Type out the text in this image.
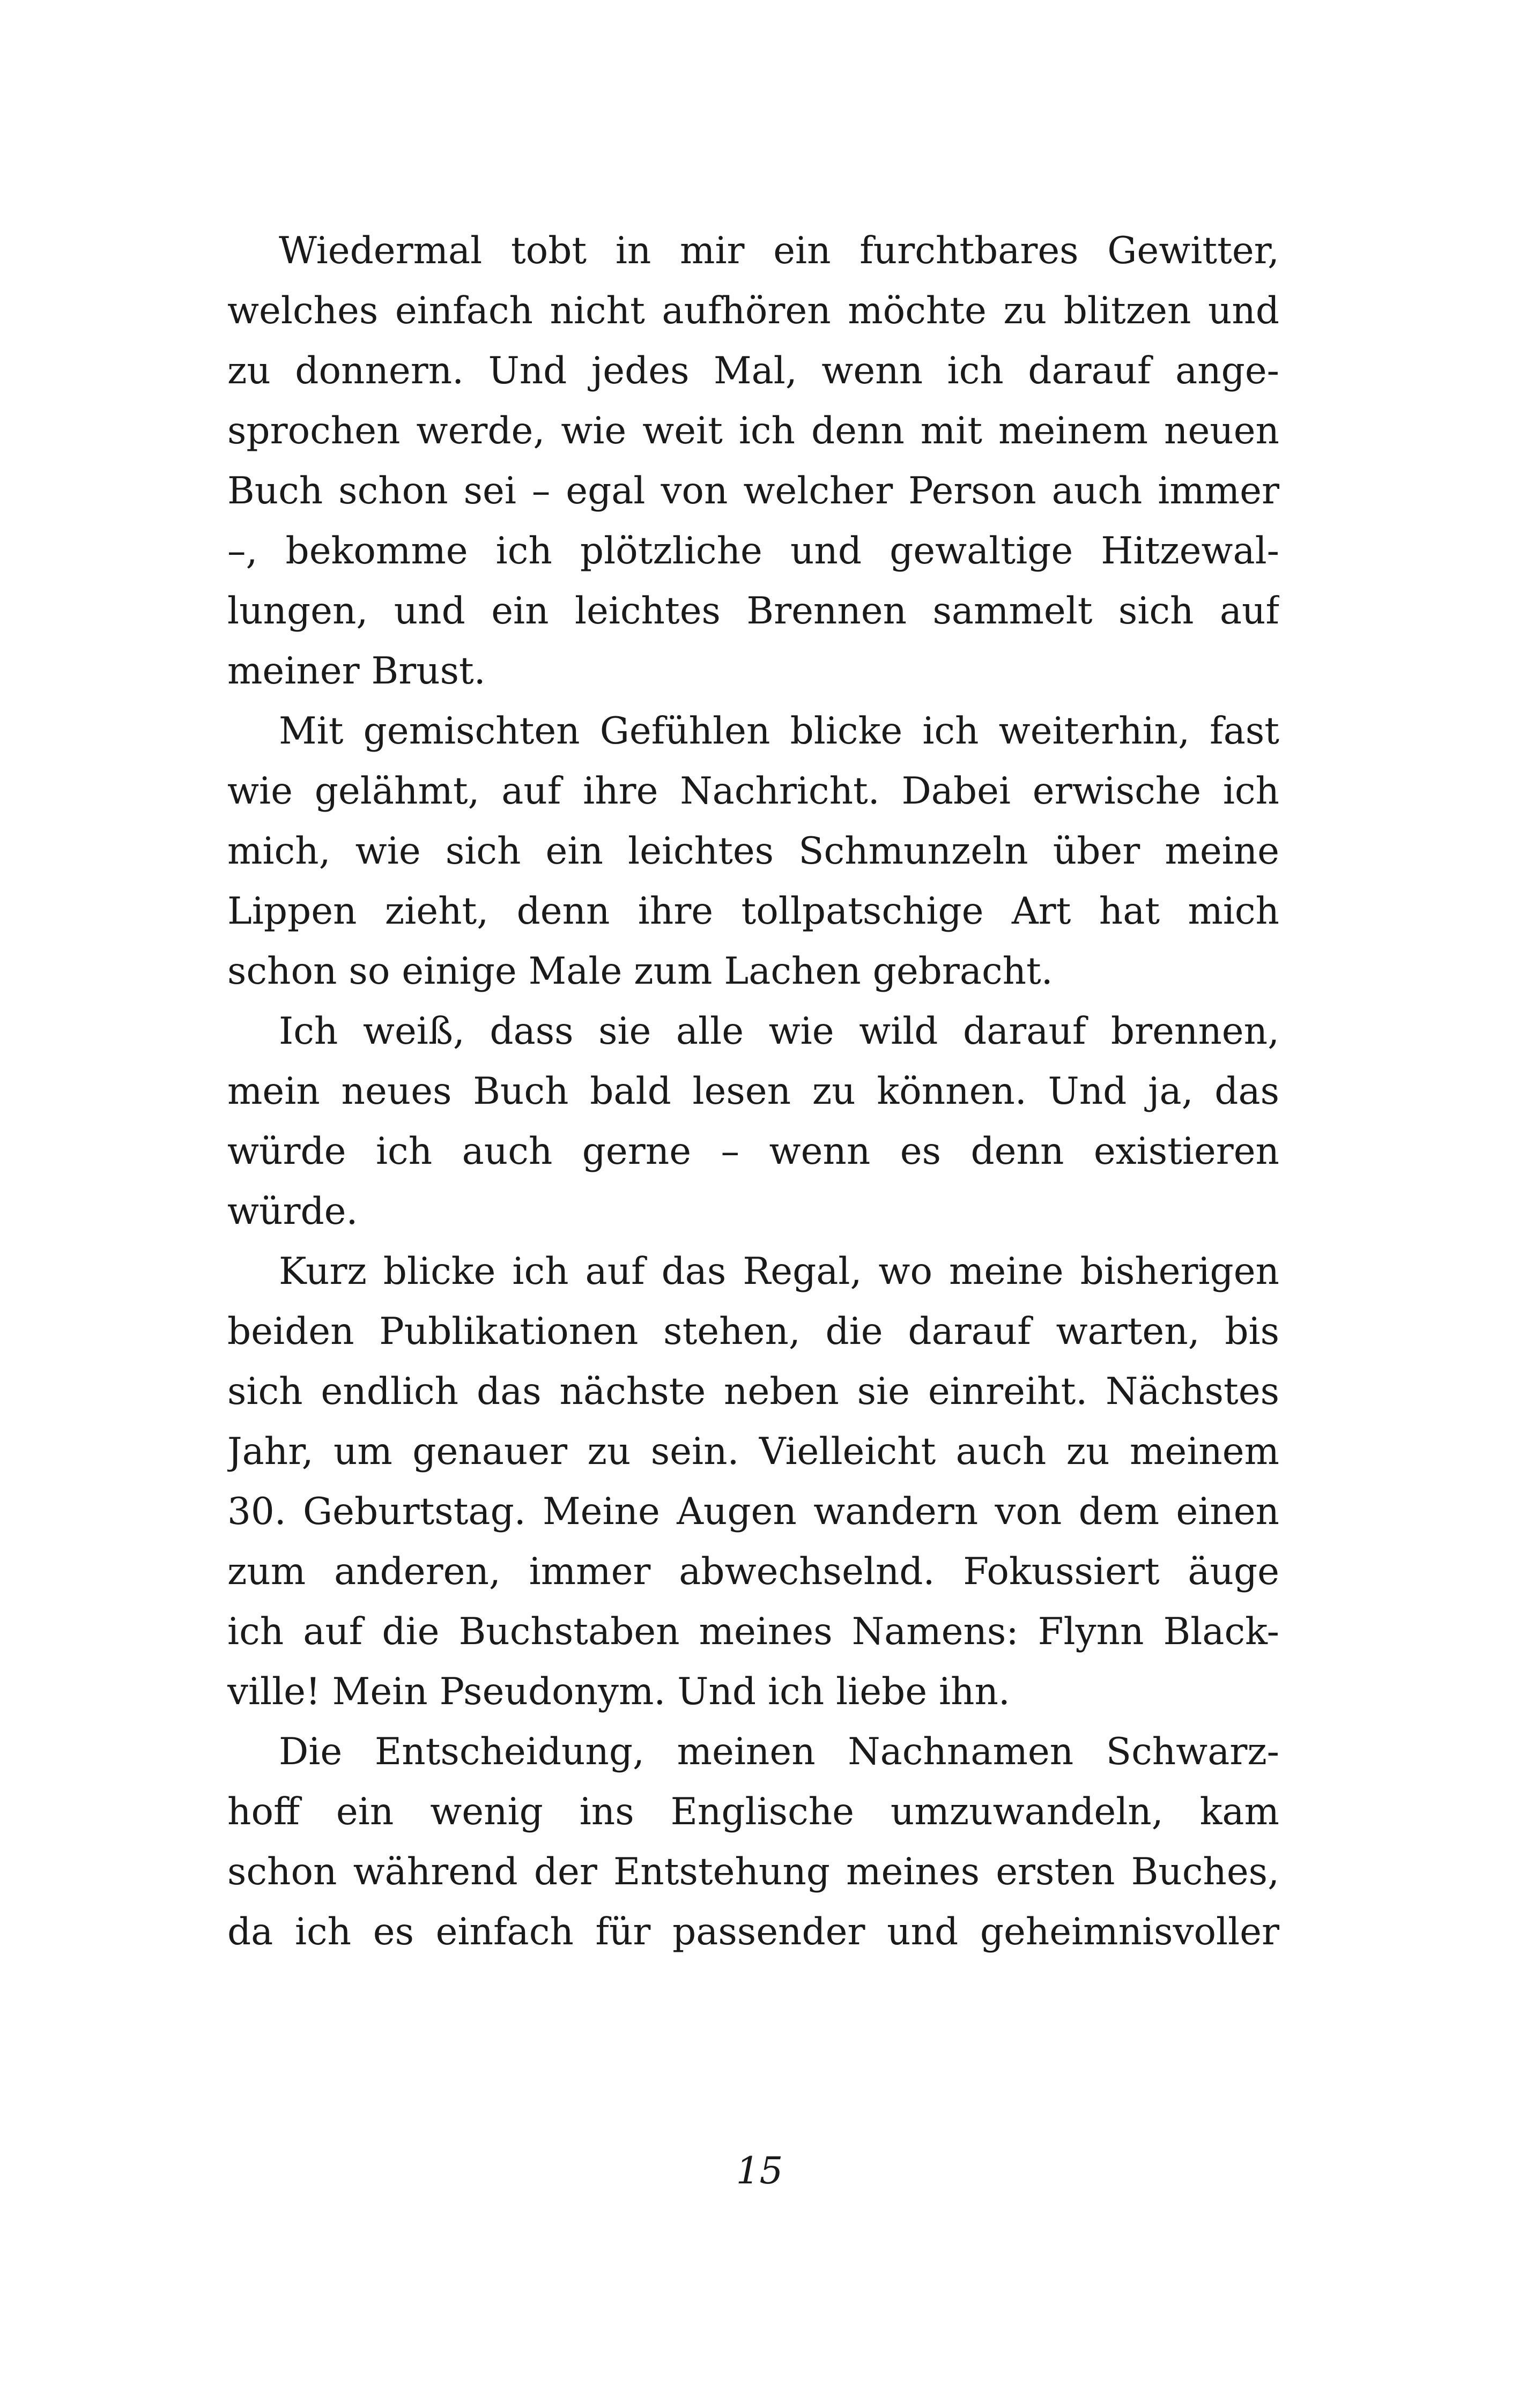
Wiedermal tobt in mir ein furchtbares Gewitter,
welches einfach nicht aufhören möchte zu blitzen und
zu donnern. Und jedes Mal, wenn ich darauf ange-
sprochen werde, wie weit ich denn mit meinem neuen
Buch schon sei – egal von welcher Person auch immer
–, bekomme ich plötzliche und gewaltige Hitzewal-
lungen, und ein leichtes Brennen sammelt sich auf
meiner Brust.
Mit gemischten Gefühlen blicke ich weiterhin, fast
wie gelähmt, auf ihre Nachricht. Dabei erwische ich
mich, wie sich ein leichtes Schmunzeln über meine
Lippen zieht, denn ihre tollpatschige Art hat mich
schon so einige Male zum Lachen gebracht.
Ich weiß, dass sie alle wie wild darauf brennen,
mein neues Buch bald lesen zu können. Und ja, das
würde ich auch gerne – wenn es denn existieren
würde.
Kurz blicke ich auf das Regal, wo meine bisherigen
beiden Publikationen stehen, die darauf warten, bis
sich endlich das nächste neben sie einreiht. Nächstes
Jahr, um genauer zu sein. Vielleicht auch zu meinem
30. Geburtstag. Meine Augen wandern von dem einen
zum anderen, immer abwechselnd. Fokussiert äuge
ich auf die Buchstaben meines Namens: Flynn Black-
ville! Mein Pseudonym. Und ich liebe ihn.
Die Entscheidung, meinen Nachnamen Schwarz-
hoff ein wenig ins Englische umzuwandeln, kam
schon während der Entstehung meines ersten Buches,
da ich es einfach für passender und geheimnisvoller
15
